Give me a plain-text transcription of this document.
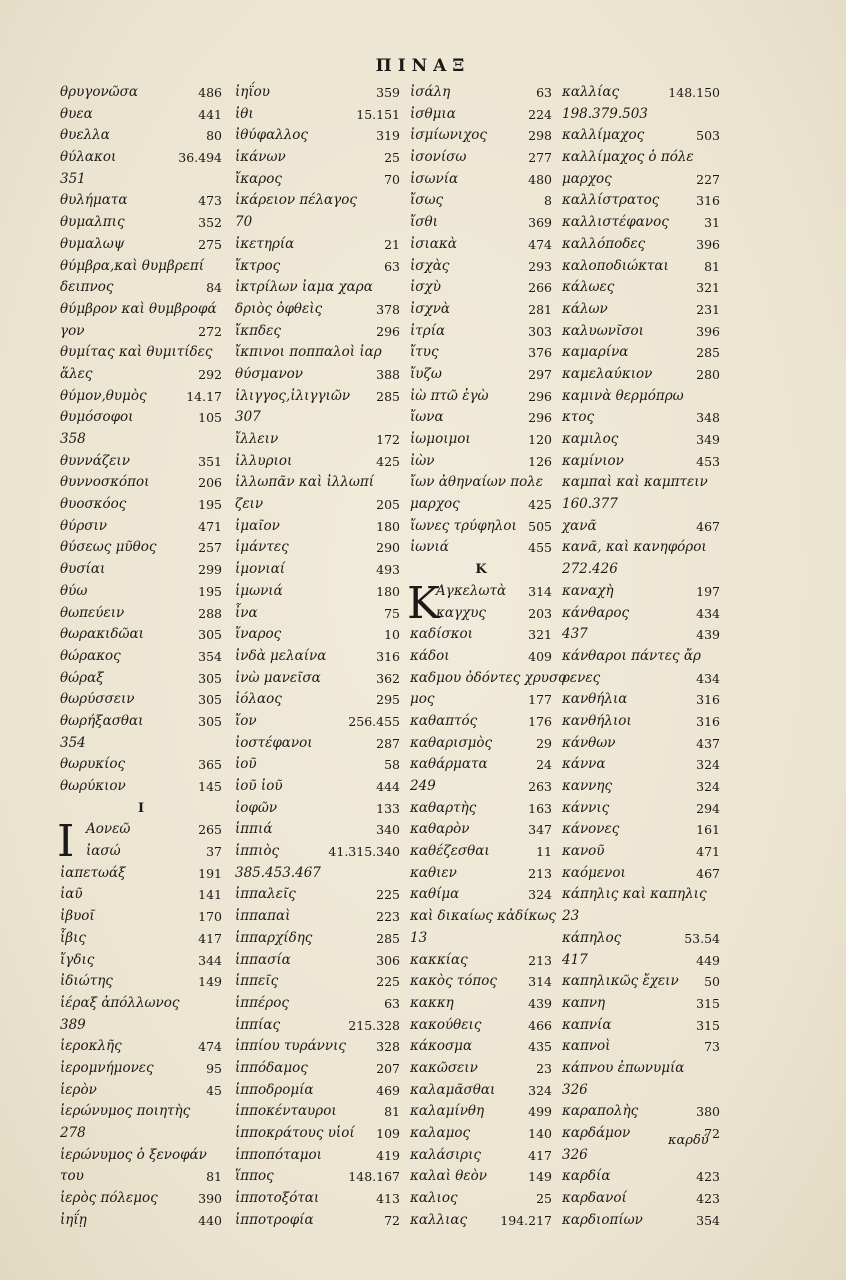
ΠΙΝΑΞ
θρυγονῶσα	486
θυεα	441
θυελλα	80
θύλακοι	36.494
351
θυλήματα	473
θυμαλπις	352
θυμαλωψ	275
θύμβρα,καὶ θυμβρεπί
δειπνος	84
θύμβρον καὶ θυμβροφά
γον	272
θυμίτας καὶ θυμιτίδες
ἅλες	292
θύμον,θυμὸς	14.17
θυμόσοφοι	105
358
θυννάζειν	351
θυννοσκόποι	206
θυοσκόος	195
θύρσιν	471
θύσεως μῦθος	257
θυσίαι	299
θύω	195
θωπεύειν	288
θωρακιδῶαι	305
θώρακος	354
θώραξ	305
θωρύσσειν	305
θωρήξασθαι	305
354
θωρυκίος	365
θωρύκιον	145
I
I Αονεῶ	265
ἰασώ	37
ἰαπετωάξ	191
ἰαῦ	141
ἰβυοῖ	170
ἶβις	417
ἴγδις	344
ἰδιώτης	149
ἱέραξ ἀπόλλωνος
389
ἱεροκλῆς	474
ἱερομνήμονες	95
ἱερὸν	45
ἱερώνυμος ποιητὴς
278
ἱερώνυμος ὁ ξενοφάν
του	81
ἱερὸς πόλεμος	390
ἰηΐῃ	440
ἰηΐου	359
ἰθι	15.151
ἰθύφαλλος	319
ἱκάνων	25
ἴκαρος	70
ἰκάρειον πέλαγος
70
ἰκετηρία	21
ἴκτρος	63
ἰκτρίλων ἰαμα χαρα
δριὸς ὀφθεὶς	378
ἴκπδες	296
ἴκπινοι ποππαλοὶ ἰαρ
θύσμανον	388
ἰλιγγος,ἰλιγγιῶν 285
307
ἴλλειν	172
ἰλλυριοι	425
ἰλλωπᾶν καὶ ἰλλωπί
ζειν	205
ἱμαῖον	180
ἱμάντες	290
ἱμονιαί	493
ἱμωνιά	180
ἶνα	75
ἴναρος	10
ἰνδὰ μελαίνα	316
ἰνὼ μανεῖσα	362
ἰόλαος	295
ἴον	256.455
ἰοστέφανοι	287
ἰοῦ	58
ἰοῦ ἰοῦ	444
ἰοφῶν	133
ἱππιά	340
ἱππιὸς	41.315.340
385.453.467
ἱππαλεῖς	225
ἱππαπαὶ	223
ἱππαρχίδης	285
ἱππασία	306
ἱππεῖς	225
ἱππέρος	63
ἱππίας	215.328
ἱππίου τυράννις 328
ἱππόδαμος	207
ἱπποδρομία	469
ἱπποκένταυροι	81
ἱπποκράτους υἱοί 109
ἱπποπόταμοι	419
ἵππος	148.167
ἱπποτοξόται	413
ἱπποτροφία	72
ἰσάλη	63
ἰσθμια	224
ἰσμίωνιχος	298
ἰσονίσω	277
ἰσωνία	480
ἴσως	8
ἴσθι	369
ἰσιακὰ	474
ἰσχὰς	293
ἰσχὺ	266
ἰσχνὰ	281
ἰτρία	303
ἴτυς	376
ἴυζω	297
ἰὼ πτῶ ἐγὼ	296
ἴωνα	296
ἰωμοιμοι	120
ἰὼν	126
ἴων ἀθηναίων πολε
μαρχος	425
ἴωνες τρύφηλοι 505
ἰωνιά	455
K
K
Αγκελωτὰ 314
καγχυς	203
καδίσκοι	321
κάδοι	409
καδμου ὀδόντες χρυσο
μος	177
καθαπτός	176
καθαρισμὸς	29
καθάρματα	24
249	263
καθαρτὴς	163
καθαρὸν	347
καθέζεσθαι	11
καθιεν	213
καθίμα	324
καὶ δικαίως κἀδίκως
13
κακκίας	213
κακὸς τόπος 314
κακκη	439
κακούθεις	466
κάκοσμα	435
κακῶσειν	23
καλαμᾶσθαι	324
καλαμίνθη	499
καλαμος	140
καλάσιρις	417
καλαὶ θεὸν	149
καλιος	25
καλλιας	194.217
καλλίας	148.150
198.379.503
καλλίμαχος	503
καλλίμαχος ὁ πόλε
μαρχος	227
καλλίστρατος	316
καλλιστέφανος	31
καλλόποδες	396
καλοποδιώκται	81
κάλωες	321
κάλων	231
καλυωνῖσοι	396
καμαρίνα	285
καμελαύκιον	280
καμινὰ θερμόπρω
κτος	348
καμιλος	349
καμίνιον	453
καμπαὶ καὶ καμπτειν
160.377
χανᾶ	467
κανᾶ, καὶ κανηφόροι
272.426
καναχὴ	197
κάνθαρος	434
437	439
κάνθαροι πάντες ἄρ
ρενες	434
κανθήλια	316
κανθήλιοι	316
κάνθων	437
κάννα	324
καννης	324
κάννις	294
κάνονες	161
κανοῦ	471
καόμενοι	467
κάπηλις καὶ καπηλις
23
κάπηλος	53.54
417	449
καπηλικῶς ἔχειν 50
καπνη	315
καπνία	315
καπνοὶ	73
κάπνου ἐπωνυμία
326
καραπολὴς	380
καρδάμον	72
326
καρδία	423
καρδανοί	423
καρδιοπίων	354
καρδύ
